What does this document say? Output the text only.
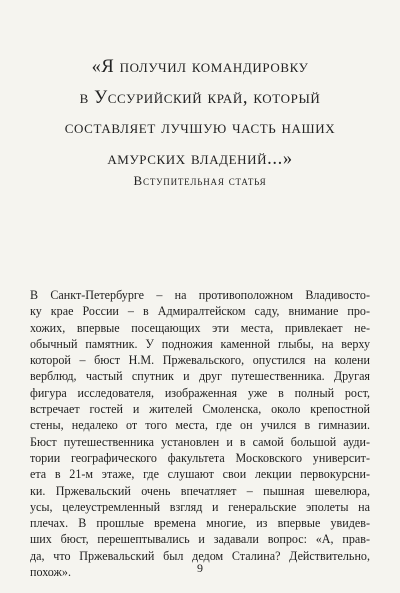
«Я получил командировку
в Уссурийский край, который
составляет лучшую часть наших
амурских владений...»
Вступительная статья
В Санкт-Петербурге – на противоположном Владивосто-
ку крае России – в Адмиралтейском саду, внимание про-
хожих, впервые посещающих эти места, привлекает не-
обычный памятник. У подножия каменной глыбы, на верху
которой – бюст Н.М. Пржевальского, опустился на колени
верблюд, частый спутник и друг путешественника. Другая
фигура исследователя, изображенная уже в полный рост,
встречает гостей и жителей Смоленска, около крепостной
стены, недалеко от того места, где он учился в гимназии.
Бюст путешественника установлен и в самой большой ауди-
тории географического факультета Московского университ-
ета в 21-м этаже, где слушают свои лекции первокурсни-
ки. Пржевальский очень впечатляет – пышная шевелюра,
усы, целеустремленный взгляд и генеральские эполеты на
плечах. В прошлые времена многие, из впервые увидев-
ших бюст, перешептывались и задавали вопрос: «А, прав-
да, что Пржевальский был дедом Сталина? Действительно,
похож».	9
